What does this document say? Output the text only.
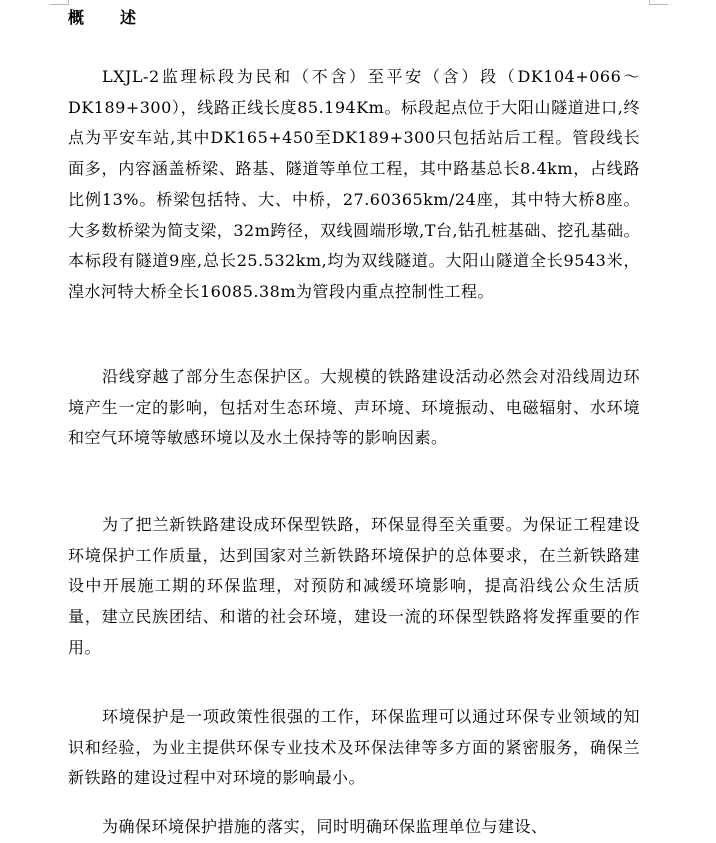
概　述

LXJL-2监理标段为民和（不含）至平安（含）段（DK104+066～DK189+300），线路正线长度85.194Km。标段起点位于大阳山隧道进口,终点为平安车站,其中DK165+450至DK189+300只包括站后工程。管段线长面多，内容涵盖桥梁、路基、隧道等单位工程，其中路基总长8.4km，占线路比例13%。桥梁包括特、大、中桥，27.60365km/24座，其中特大桥8座。大多数桥梁为简支梁，32m跨径，双线圆端形墩,T台,钻孔桩基础、挖孔基础。本标段有隧道9座,总长25.532km,均为双线隧道。大阳山隧道全长9543米，湟水河特大桥全长16085.38m为管段内重点控制性工程。

沿线穿越了部分生态保护区。大规模的铁路建设活动必然会对沿线周边环境产生一定的影响，包括对生态环境、声环境、环境振动、电磁辐射、水环境和空气环境等敏感环境以及水土保持等的影响因素。

为了把兰新铁路建设成环保型铁路，环保显得至关重要。为保证工程建设环境保护工作质量，达到国家对兰新铁路环境保护的总体要求，在兰新铁路建设中开展施工期的环保监理，对预防和减缓环境影响，提高沿线公众生活质量，建立民族团结、和谐的社会环境，建设一流的环保型铁路将发挥重要的作用。

环境保护是一项政策性很强的工作，环保监理可以通过环保专业领域的知识和经验，为业主提供环保专业技术及环保法律等多方面的紧密服务，确保兰新铁路的建设过程中对环境的影响最小。

为确保环境保护措施的落实，同时明确环保监理单位与建设、
